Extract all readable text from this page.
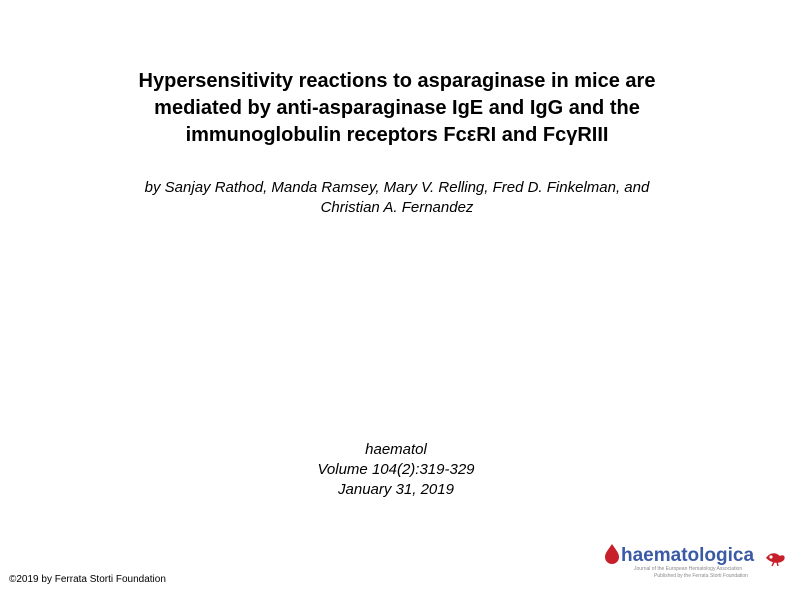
Hypersensitivity reactions to asparaginase in mice are
mediated by anti-asparaginase IgE and IgG and the
immunoglobulin receptors FcεRI and FcγRIII
by Sanjay Rathod, Manda Ramsey, Mary V. Relling, Fred D. Finkelman, and
Christian A. Fernandez
haematol
Volume 104(2):319-329
January 31, 2019
©2019 by Ferrata Storti Foundation
haematologica
Journal of the European Hematology Association
Published by the Ferrata Storti Foundation
